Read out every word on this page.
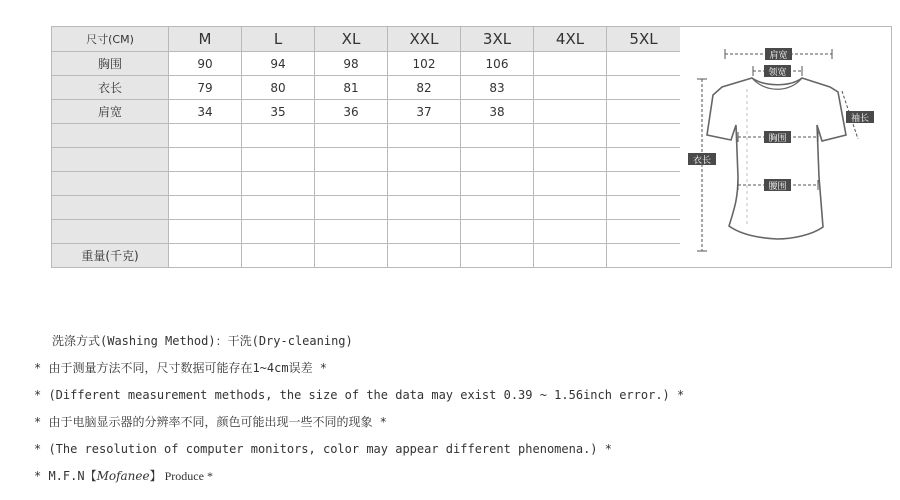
尺寸(CM)	M	L	XL	XXL	3XL	4XL	5XL
胸围	90	94	98	102	106		
衣长	79	80	81	82	83		
肩宽	34	35	36	37	38		

重量(千克)							
肩宽
领宽
袖长
胸围
衣长
腰围
洗涤方式(Washing Method)：干洗(Dry-cleaning)
* 由于测量方法不同，尺寸数据可能存在1~4cm误差 *
* (Different measurement methods, the size of the data may exist 0.39 ~ 1.56inch error.) *
* 由于电脑显示器的分辨率不同，颜色可能出现一些不同的现象 *
* (The resolution of computer monitors, color may appear different phenomena.) *
* M.F.N【Mofanee】 Produce *
